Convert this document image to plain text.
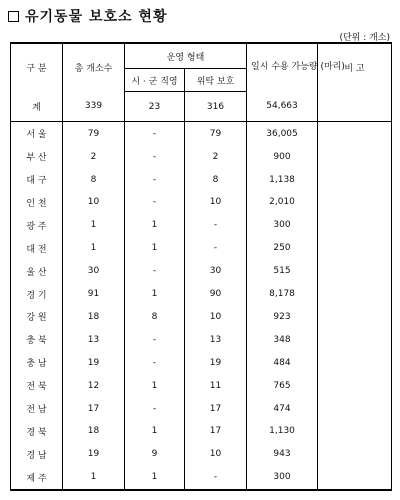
유기동물 보호소 현황
(단위 : 개소)
구 분	총 개소수	운영 형태		일시 수용 가능량 (마리)	비 고
		시 · 군 직영	위탁 보호		
계	339	23	316	54,663	
서 울	79	-	79	36,005	
부 산	2	-	2	900	
대 구	8	-	8	1,138	
인 천	10	-	10	2,010	
광 주	1	1	-	300	
대 전	1	1	-	250	
울 산	30	-	30	515	
경 기	91	1	90	8,178	
강 원	18	8	10	923	
충 북	13	-	13	348	
충 남	19	-	19	484	
전 북	12	1	11	765	
전 남	17	-	17	474	
경 북	18	1	17	1,130	
경 남	19	9	10	943	
제 주	1	1	-	300	
